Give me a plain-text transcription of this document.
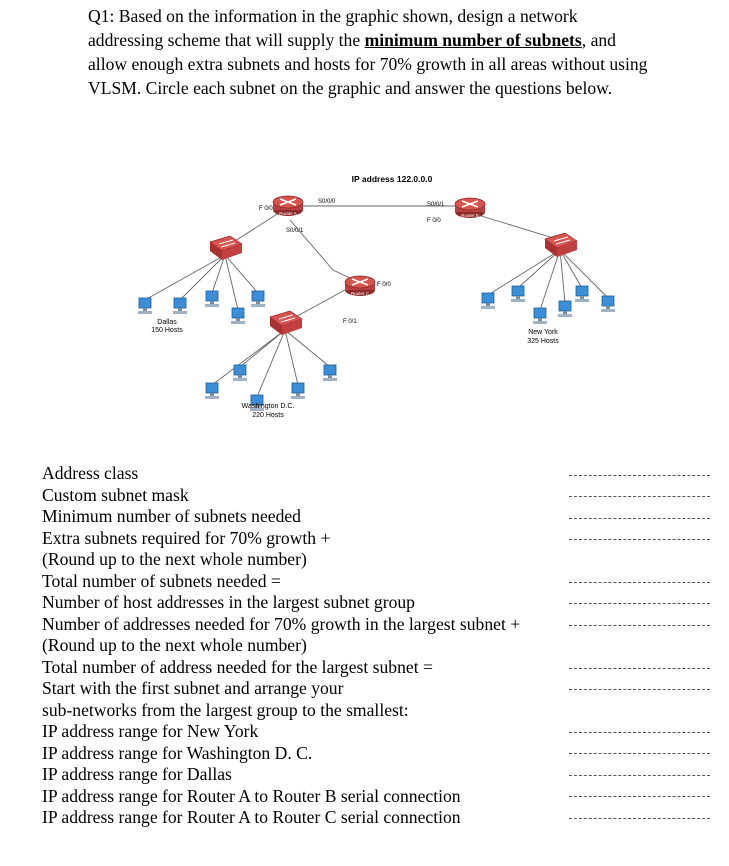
Q1: Based on the information in the graphic shown, design a network addressing scheme that will supply the minimum number of subnets, and allow enough extra subnets and hosts for 70% growth in all areas without using VLSM. Circle each subnet on the graphic and answer the questions below.
Router A	Router B
Router C
IP address 122.0.0.0
F 0/0
S0/0/0
S0/0/1
S0/0/1
F 0/0
F 0/0
F 0/1
Dallas
150 Hosts	New York
325 Hosts
Washington D.C.
220 Hosts
Address class
Custom subnet mask
Minimum number of subnets needed
Extra subnets required for 70% growth +
(Round up to the next whole number)
Total number of subnets needed =
Number of host addresses in the largest subnet group
Number of addresses needed for 70% growth in the largest subnet +
(Round up to the next whole number)
Total number of address needed for the largest subnet =
Start with the first subnet and arrange your
sub-networks from the largest group to the smallest:
IP address range for New York
IP address range for Washington D. C.
IP address range for Dallas
IP address range for Router A to Router B serial connection
IP address range for Router A to Router C serial connection
